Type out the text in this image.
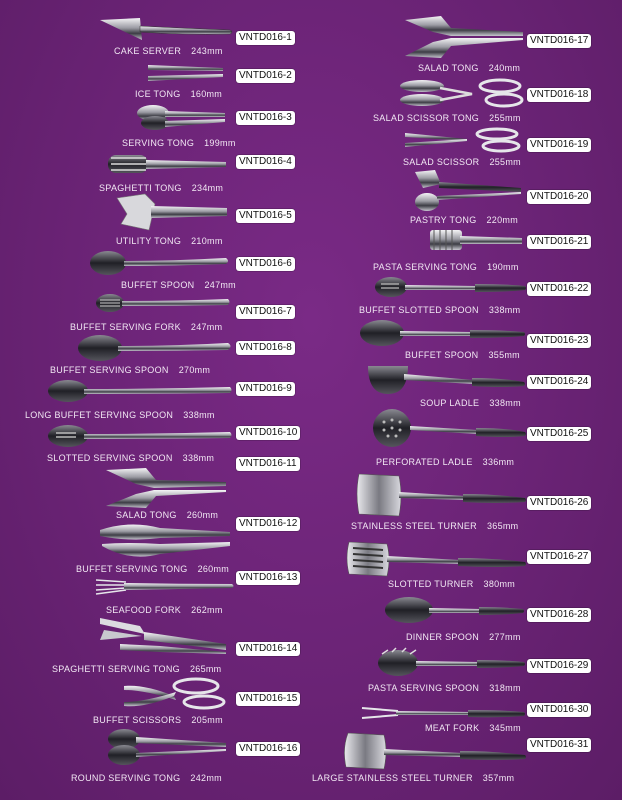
VNTD016-1
CAKE SERVER 243mm
VNTD016-2
ICE TONG 160mm
VNTD016-3
SERVING TONG 199mm
VNTD016-4
SPAGHETTI TONG 234mm
VNTD016-5
UTILITY TONG 210mm
VNTD016-6
BUFFET SPOON 247mm
VNTD016-7
BUFFET SERVING FORK 247mm
VNTD016-8
BUFFET SERVING SPOON 270mm
VNTD016-9
LONG BUFFET SERVING SPOON 338mm
VNTD016-10
SLOTTED SERVING SPOON 338mm	VNTD016-11
SALAD TONG 260mm
VNTD016-12
BUFFET SERVING TONG 260mm
VNTD016-13
SEAFOOD FORK 262mm
VNTD016-14
SPAGHETTI SERVING TONG 265mm
VNTD016-15
BUFFET SCISSORS 205mm
VNTD016-16
ROUND SERVING TONG 242mm
VNTD016-17
SALAD TONG 240mm
VNTD016-18
SALAD SCISSOR TONG 255mm
VNTD016-19
SALAD SCISSOR 255mm
VNTD016-20
PASTRY TONG 220mm
VNTD016-21
PASTA SERVING TONG 190mm
VNTD016-22
BUFFET SLOTTED SPOON 338mm
VNTD016-23
BUFFET SPOON 355mm
VNTD016-24
SOUP LADLE 338mm
VNTD016-25
PERFORATED LADLE 336mm
VNTD016-26
STAINLESS STEEL TURNER 365mm
VNTD016-27
SLOTTED TURNER 380mm
VNTD016-28
DINNER SPOON 277mm
VNTD016-29
PASTA SERVING SPOON 318mm
VNTD016-30
MEAT FORK 345mm
VNTD016-31
LARGE STAINLESS STEEL TURNER 357mm
